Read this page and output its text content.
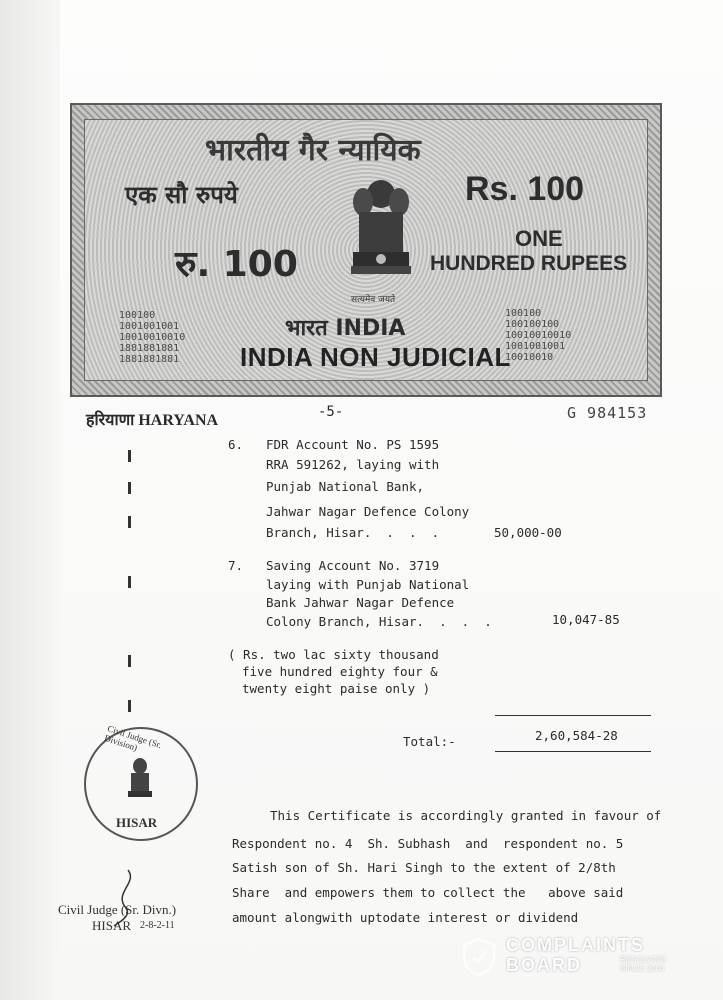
भारतीय गैर न्यायिक
एक सौ रुपये	Rs. 100
रु. 100
ONE
HUNDRED RUPEES
सत्यमेव जयते
भारत INDIA
INDIA NON JUDICIAL
100100
1001001001
10010010010
1881881881
1881881881
100100
100100100
10010010010
1001001001
10010010
हरियाणा HARYANA	-5-	G 984153
6. FDR Account No. PS 1595
RRA 591262, laying with
Punjab National Bank,
Jahwar Nagar Defence Colony
Branch, Hisar.  .  .  .	50,000-00
7. Saving Account No. 3719
laying with Punjab National
Bank Jahwar Nagar Defence
Colony Branch, Hisar.  .  .  .	10,047-85
( Rs. two lac sixty thousand
five hundred eighty four &
twenty eight paise only )
Total:-	2,60,584-28
This Certificate is accordingly granted in favour of
Respondent no. 4  Sh. Subhash  and  respondent no. 5
Satish son of Sh. Hari Singh to the extent of 2/8th
Share  and empowers them to collect the   above said
amount alongwith uptodate interest or dividend
Civil Judge (Sr. Division)
HISAR
Civil Judge (Sr. Divn.)
HISAR 2-8-2-11
COMPLAINTS
BOARD	RESOLVING
SINCE 2004
